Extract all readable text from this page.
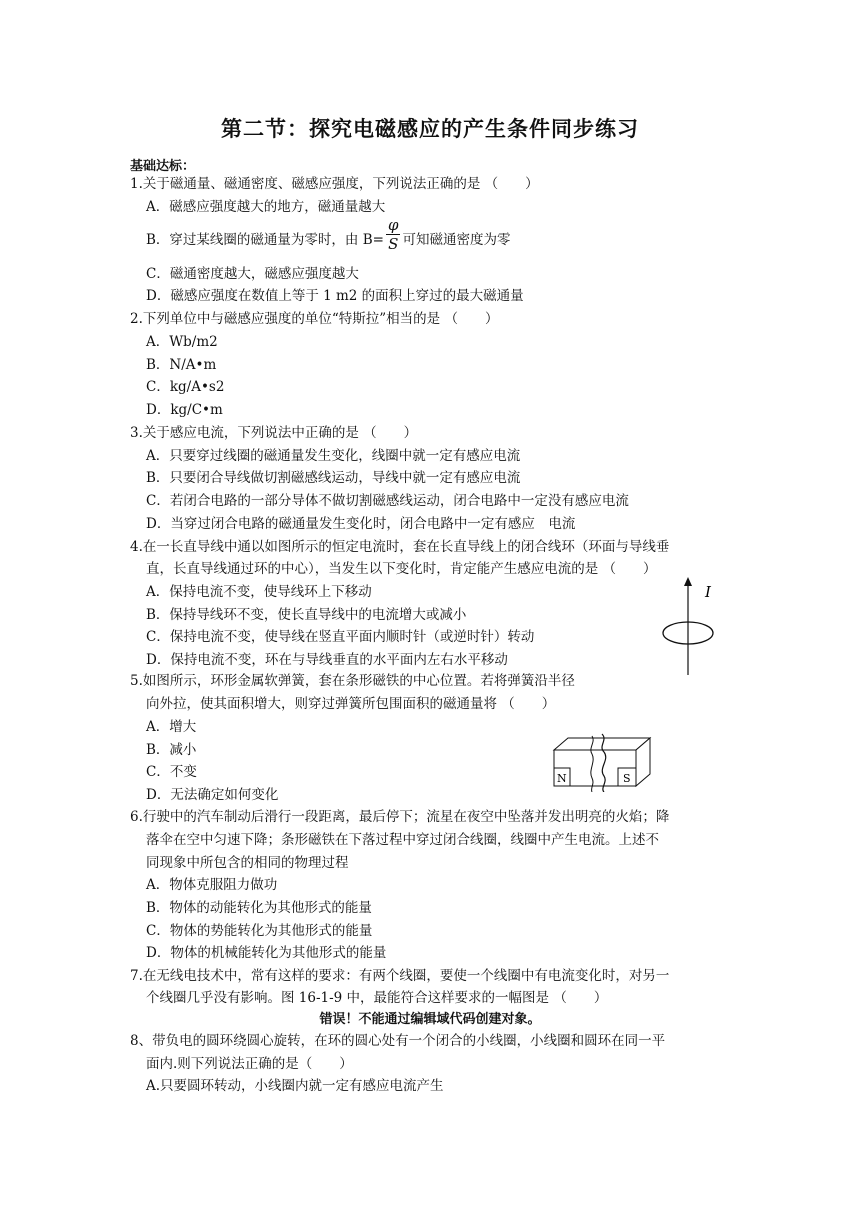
第二节：探究电磁感应的产生条件同步练习
基础达标：
1.关于磁通量、磁通密度、磁感应强度，下列说法正确的是 （　　）
A．磁感应强度越大的地方，磁通量越大
B．穿过某线圈的磁通量为零时，由 $B= \frac{\varphi}{S}$ 可知磁通密度为零
C．磁通密度越大，磁感应强度越大
D．磁感应强度在数值上等于 1 m2 的面积上穿过的最大磁通量
2.下列单位中与磁感应强度的单位“特斯拉”相当的是 （　　）
A．Wb/m2
B．N/A•m
C．kg/A•s2
D．kg/C•m
3.关于感应电流，下列说法中正确的是 （　　）
A．只要穿过线圈的磁通量发生变化，线圈中就一定有感应电流
B．只要闭合导线做切割磁感线运动，导线中就一定有感应电流
C．若闭合电路的一部分导体不做切割磁感线运动，闭合电路中一定没有感应电流
D．当穿过闭合电路的磁通量发生变化时，闭合电路中一定有感应　电流
4.在一长直导线中通以如图所示的恒定电流时，套在长直导线上的闭合线环（环面与导线垂
直，长直导线通过环的中心），当发生以下变化时，肯定能产生感应电流的是 （　　）
A．保持电流不变，使导线环上下移动
B．保持导线环不变，使长直导线中的电流增大或减小
C．保持电流不变，使导线在竖直平面内顺时针（或逆时针）转动
D．保持电流不变，环在与导线垂直的水平面内左右水平移动
I
5.如图所示，环形金属软弹簧，套在条形磁铁的中心位置。若将弹簧沿半径
向外拉，使其面积增大，则穿过弹簧所包围面积的磁通量将 （　　）
A．增大
B．减小
C．不变
D．无法确定如何变化
N	S
6.行驶中的汽车制动后滑行一段距离，最后停下；流星在夜空中坠落并发出明亮的火焰；降
落伞在空中匀速下降；条形磁铁在下落过程中穿过闭合线圈，线圈中产生电流。上述不
同现象中所包含的相同的物理过程
A．物体克服阻力做功
B．物体的动能转化为其他形式的能量
C．物体的势能转化为其他形式的能量
D．物体的机械能转化为其他形式的能量
7.在无线电技术中，常有这样的要求：有两个线圈，要使一个线圈中有电流变化时，对另一
个线圈几乎没有影响。图 16-1-9 中，最能符合这样要求的一幅图是 （　　）
错误！不能通过编辑域代码创建对象。
8、带负电的圆环绕圆心旋转，在环的圆心处有一个闭合的小线圈，小线圈和圆环在同一平
面内.则下列说法正确的是（　　）
A.只要圆环转动，小线圈内就一定有感应电流产生
